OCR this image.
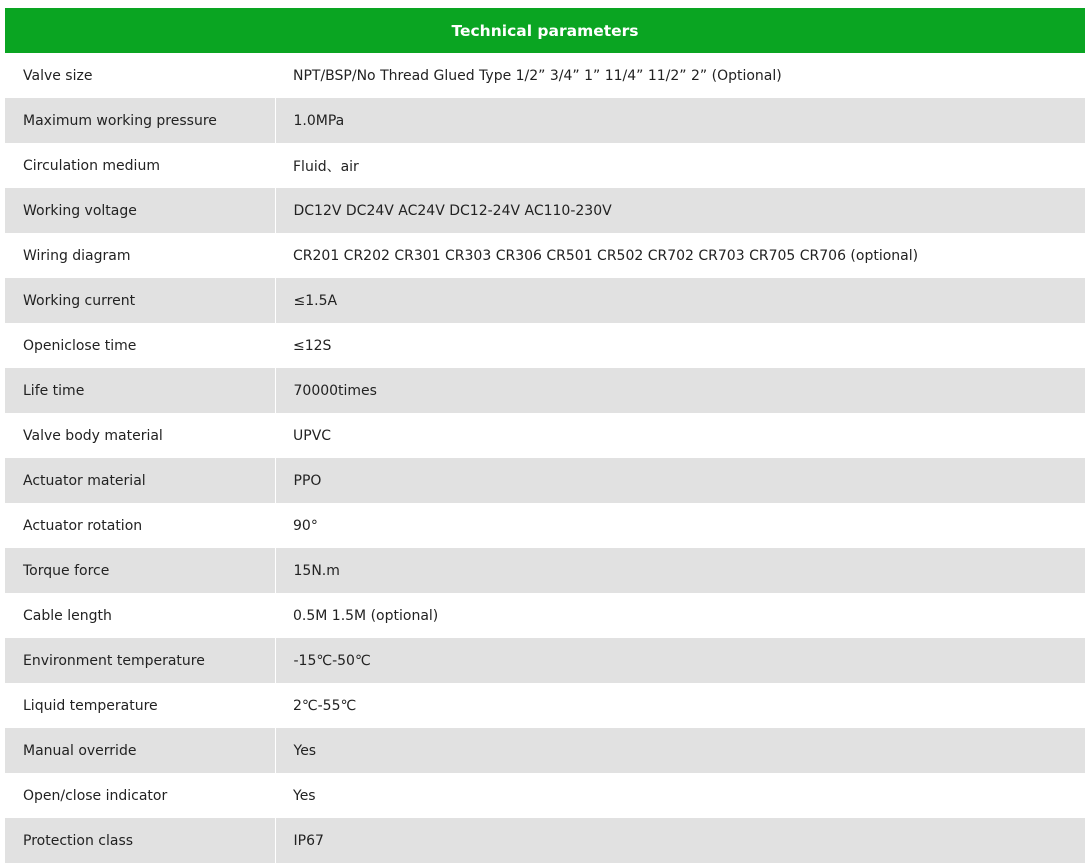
Technical parameters	
Valve size	NPT/BSP/No Thread Glued Type 1/2” 3/4” 1” 11/4” 11/2” 2” (Optional)
Maximum working pressure	1.0MPa
Circulation medium	Fluid、air
Working voltage	DC12V DC24V AC24V DC12-24V AC110-230V
Wiring diagram	CR201 CR202 CR301 CR303 CR306 CR501 CR502 CR702 CR703 CR705 CR706 (optional)
Working current	≤1.5A
Openiclose time	≤12S
Life time	70000times
Valve body material	UPVC
Actuator material	PPO
Actuator rotation	90°
Torque force	15N.m
Cable length	0.5M 1.5M (optional)
Environment temperature	-15℃-50℃
Liquid temperature	2℃-55℃
Manual override	Yes
Open/close indicator	Yes
Protection class	IP67
